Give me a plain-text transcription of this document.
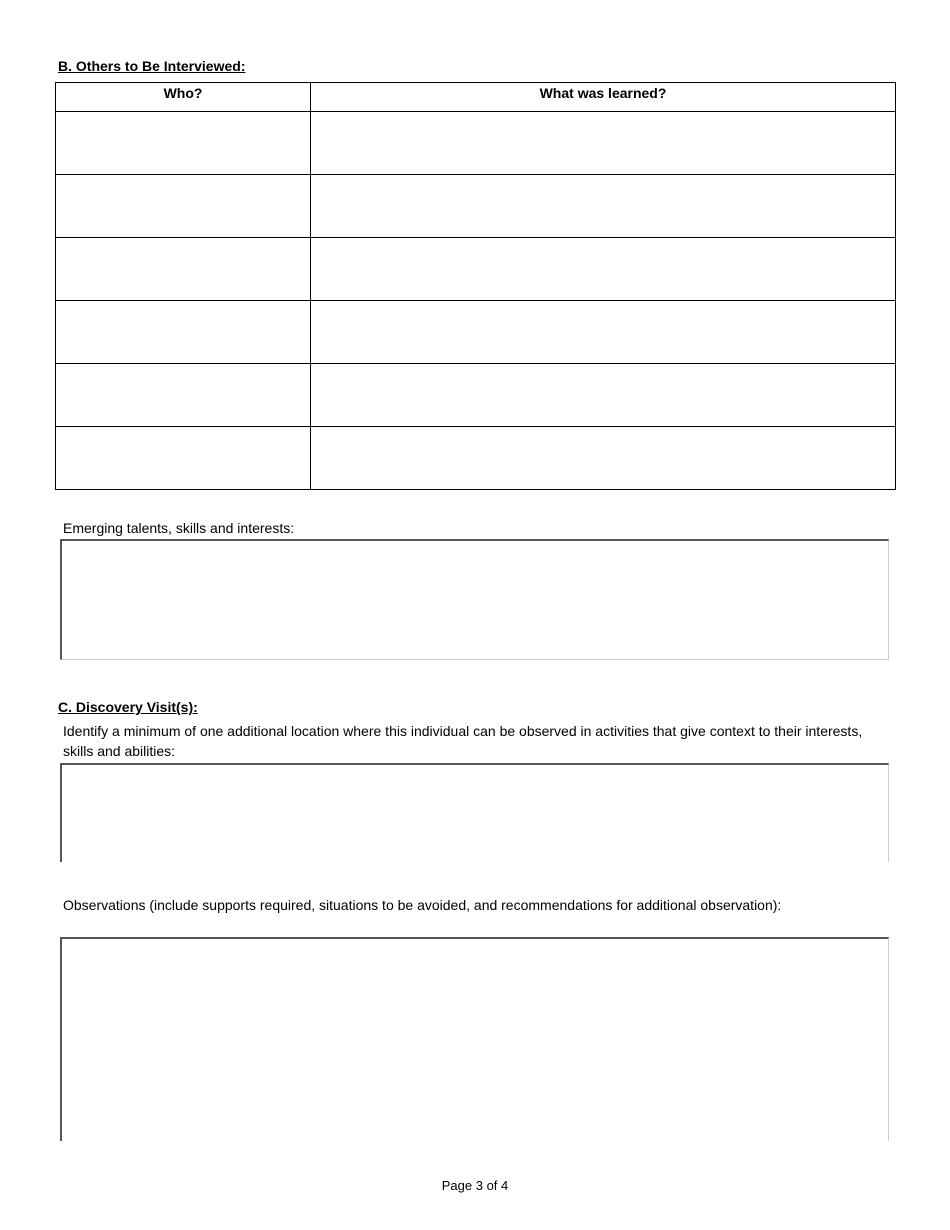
B. Others to Be Interviewed:
Who?	What was learned?

Emerging talents, skills and interests:

C. Discovery Visit(s):

Identify a minimum of one additional location where this individual can be observed in activities that give context to their interests, skills and abilities:

Observations (include supports required, situations to be avoided, and recommendations for additional observation):

Page 3 of 4
